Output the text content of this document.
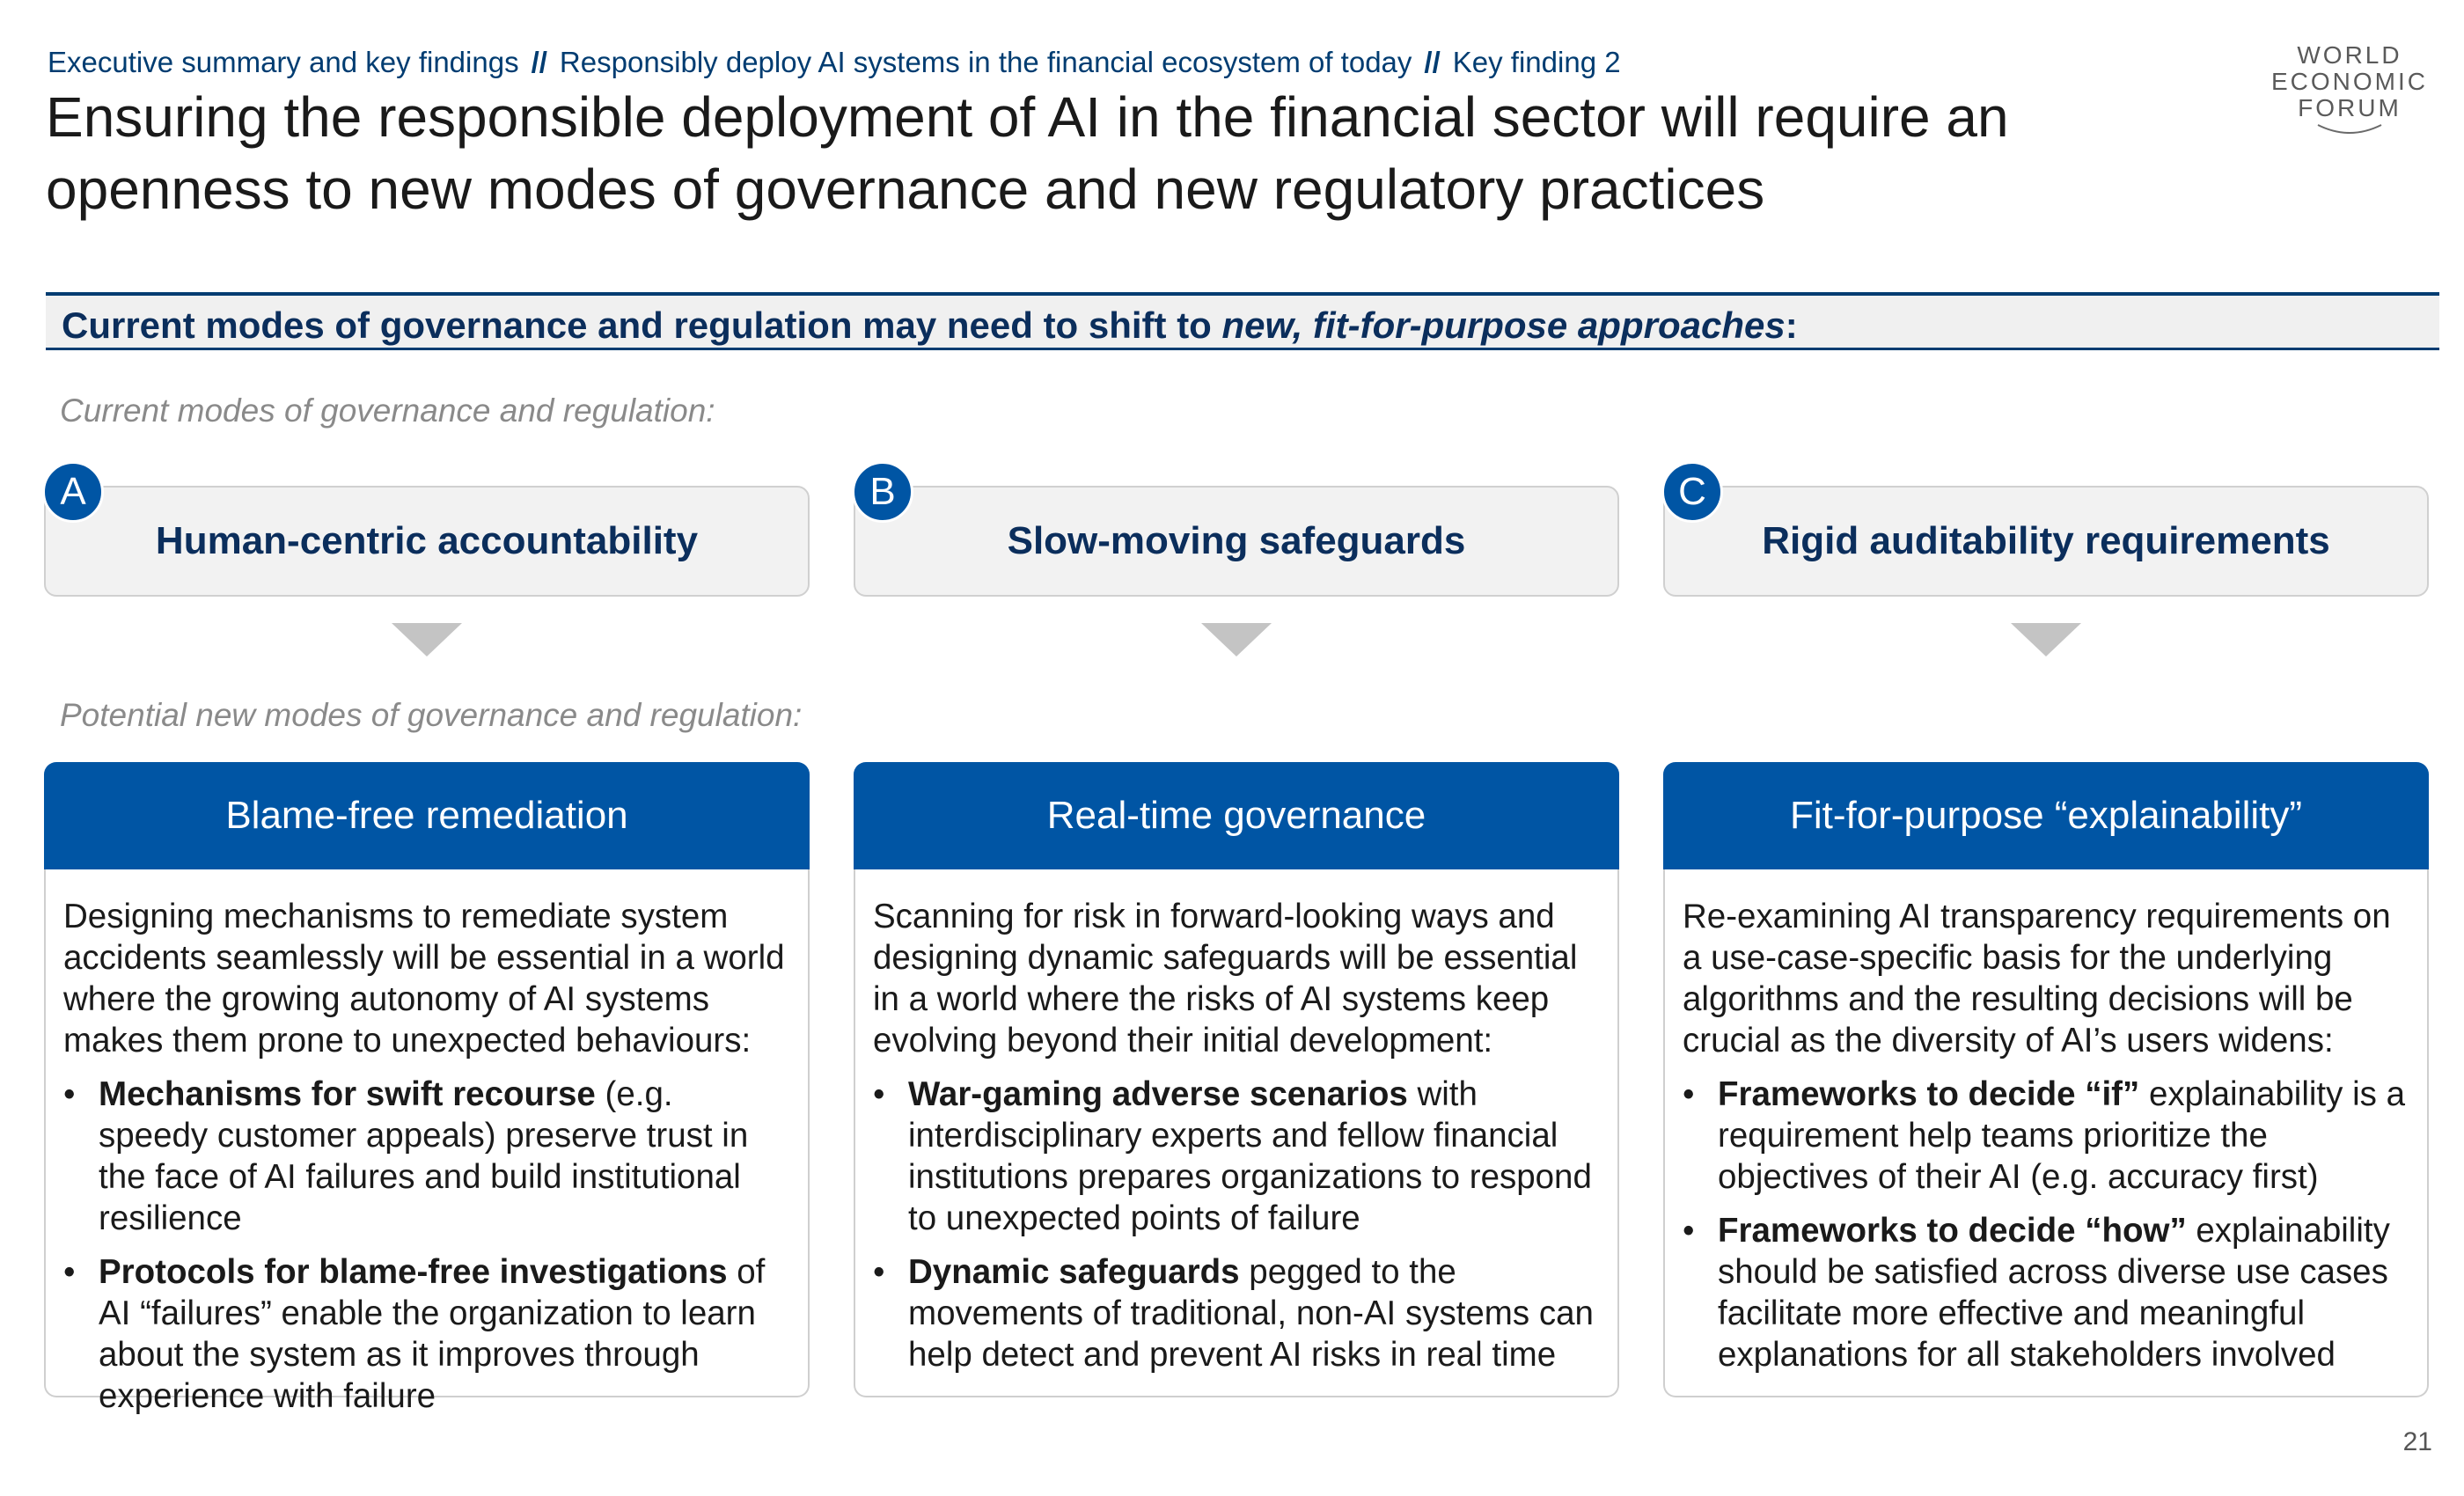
Executive summary and key findings // Responsibly deploy AI systems in the financial ecosystem of today // Key finding 2	WORLD
ECONOMIC
FORUM
Ensuring the responsible deployment of AI in the financial sector will require an openness to new modes of governance and new regulatory practices
Current modes of governance and regulation may need to shift to new, fit-for-purpose approaches:
Current modes of governance and regulation:
Potential new modes of governance and regulation:
Human-centric accountability
A
Blame-free remediation

Designing mechanisms to remediate system accidents seamlessly will be essential in a world where the growing autonomy of AI systems makes them prone to unexpected behaviours:

• Mechanisms for swift recourse (e.g. speedy customer appeals) preserve trust in the face of AI failures and build institutional resilience
• Protocols for blame-free investigations of AI “failures” enable the organization to learn about the system as it improves through experience with failure
Slow-moving safeguards
B
Real-time governance

Scanning for risk in forward-looking ways and designing dynamic safeguards will be essential in a world where the risks of AI systems keep evolving beyond their initial development:

• War-gaming adverse scenarios with interdisciplinary experts and fellow financial institutions prepares organizations to respond to unexpected points of failure
• Dynamic safeguards pegged to the movements of traditional, non-AI systems can help detect and prevent AI risks in real time
Rigid auditability requirements
C
Fit-for-purpose “explainability”

Re-examining AI transparency requirements on a use-case-specific basis for the underlying algorithms and the resulting decisions will be crucial as the diversity of AI’s users widens:

• Frameworks to decide “if” explainability is a requirement help teams prioritize the objectives of their AI (e.g. accuracy first)
• Frameworks to decide “how” explainability should be satisfied across diverse use cases facilitate more effective and meaningful explanations for all stakeholders involved
21
